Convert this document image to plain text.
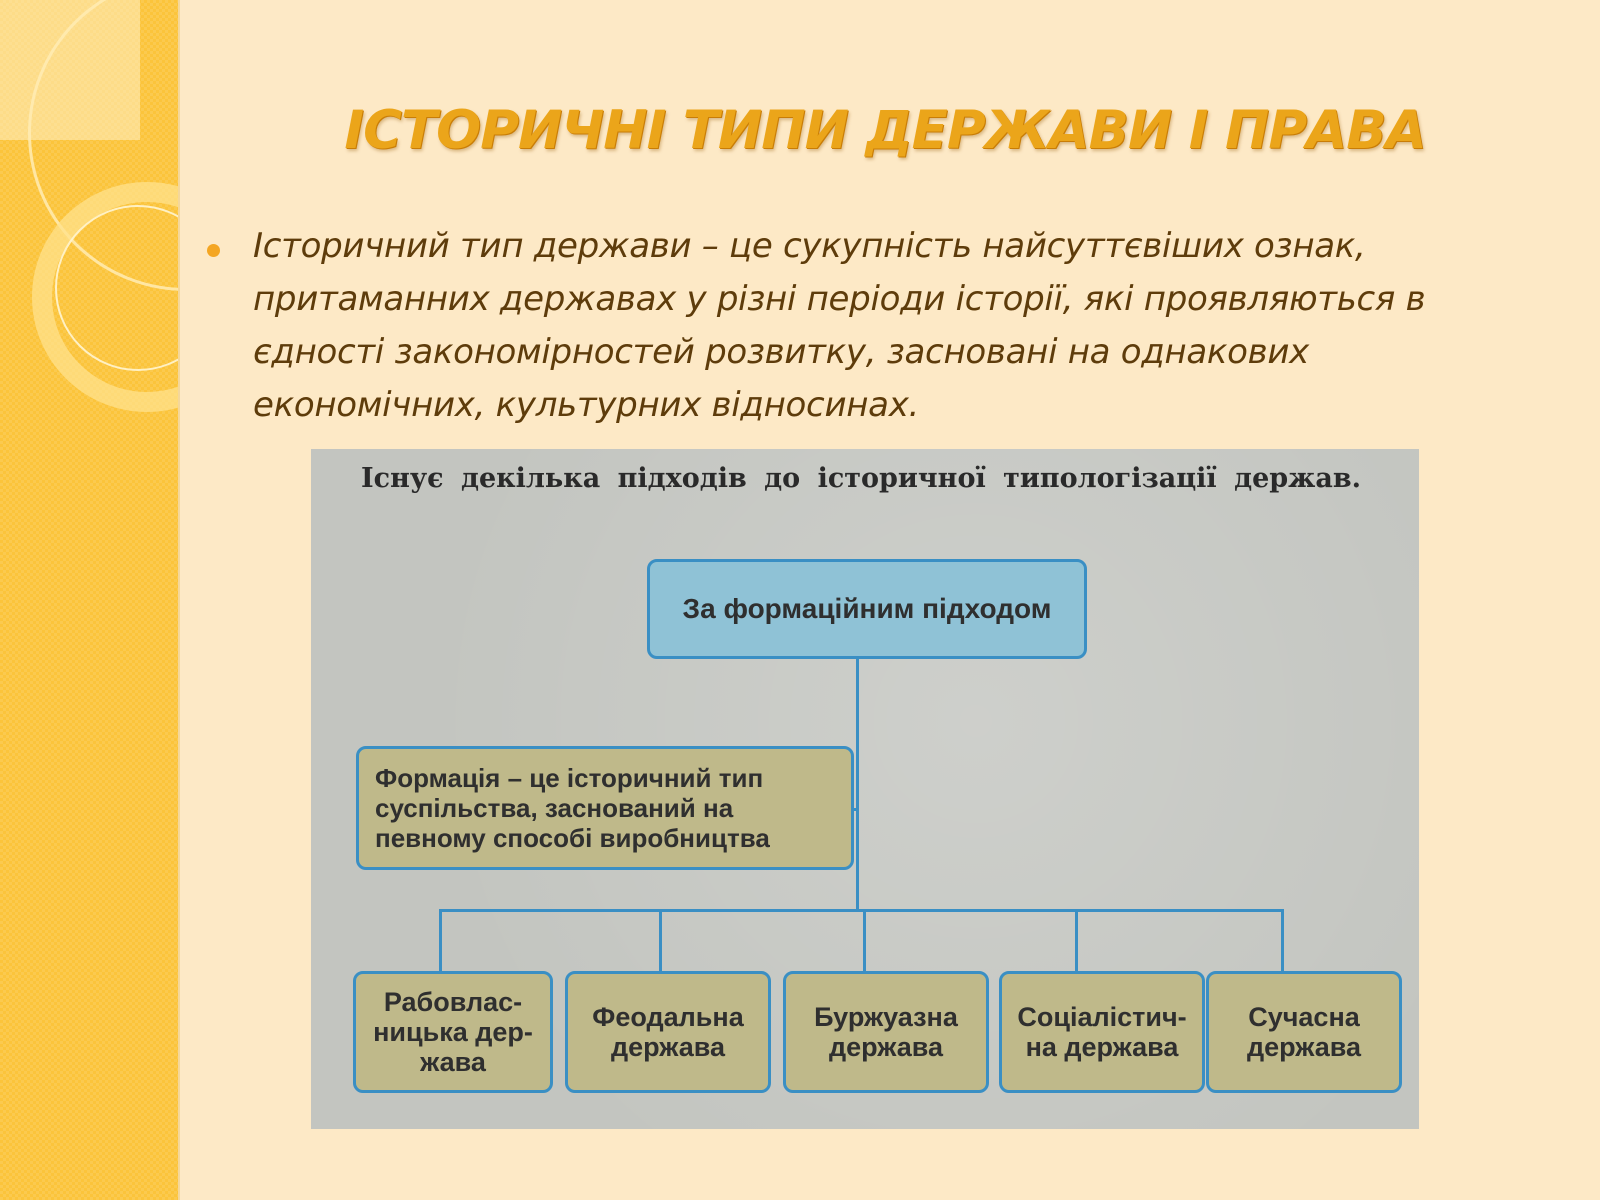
ІСТОРИЧНІ ТИПИ ДЕРЖАВИ І ПРАВА

Історичний тип держави – це сукупність найсуттєвіших ознак, притаманних державах у різні періоди історії, які проявляються в єдності закономірностей розвитку, засновані на однакових економічних, культурних відносинах.

Існує декілька підходів до історичної типологізації держав.

За формаційним підходом
Формація – це історичний тип суспільства, заснований на певному способі виробництва
Рабовлас-ницька дер-жава
Феодальна держава
Буржуазна держава
Соціалістич-на держава
Сучасна держава
